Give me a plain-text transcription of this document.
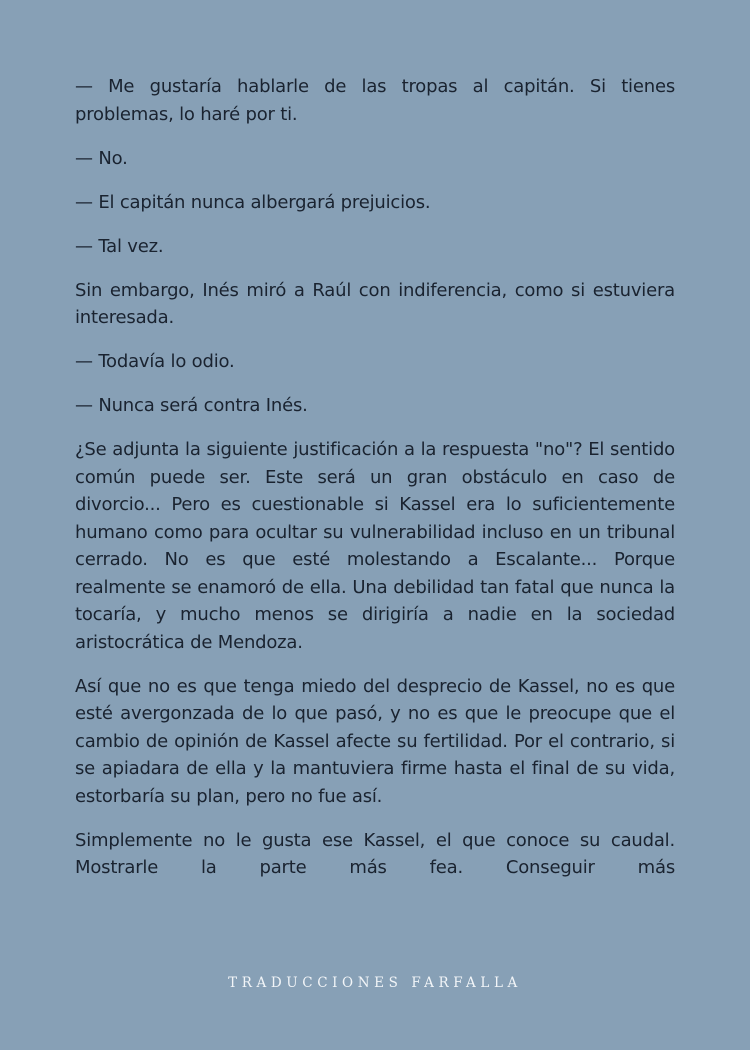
— Me gustaría hablarle de las tropas al capitán. Si tienes problemas, lo haré por ti.

— No.

— El capitán nunca albergará prejuicios.

— Tal vez.

Sin embargo, Inés miró a Raúl con indiferencia, como si estuviera interesada.

— Todavía lo odio.

— Nunca será contra Inés.

¿Se adjunta la siguiente justificación a la respuesta "no"? El sentido común puede ser. Este será un gran obstáculo en caso de divorcio... Pero es cuestionable si Kassel era lo suficientemente humano como para ocultar su vulnerabilidad incluso en un tribunal cerrado. No es que esté molestando a Escalante... Porque realmente se enamoró de ella. Una debilidad tan fatal que nunca la tocaría, y mucho menos se dirigiría a nadie en la sociedad aristocrática de Mendoza.

Así que no es que tenga miedo del desprecio de Kassel, no es que esté avergonzada de lo que pasó, y no es que le preocupe que el cambio de opinión de Kassel afecte su fertilidad. Por el contrario, si se apiadara de ella y la mantuviera firme hasta el final de su vida, estorbaría su plan, pero no fue así.

Simplemente no le gusta ese Kassel, el que conoce su caudal. Mostrarle la parte más fea. Conseguir más

TRADUCCIONES FARFALLA
